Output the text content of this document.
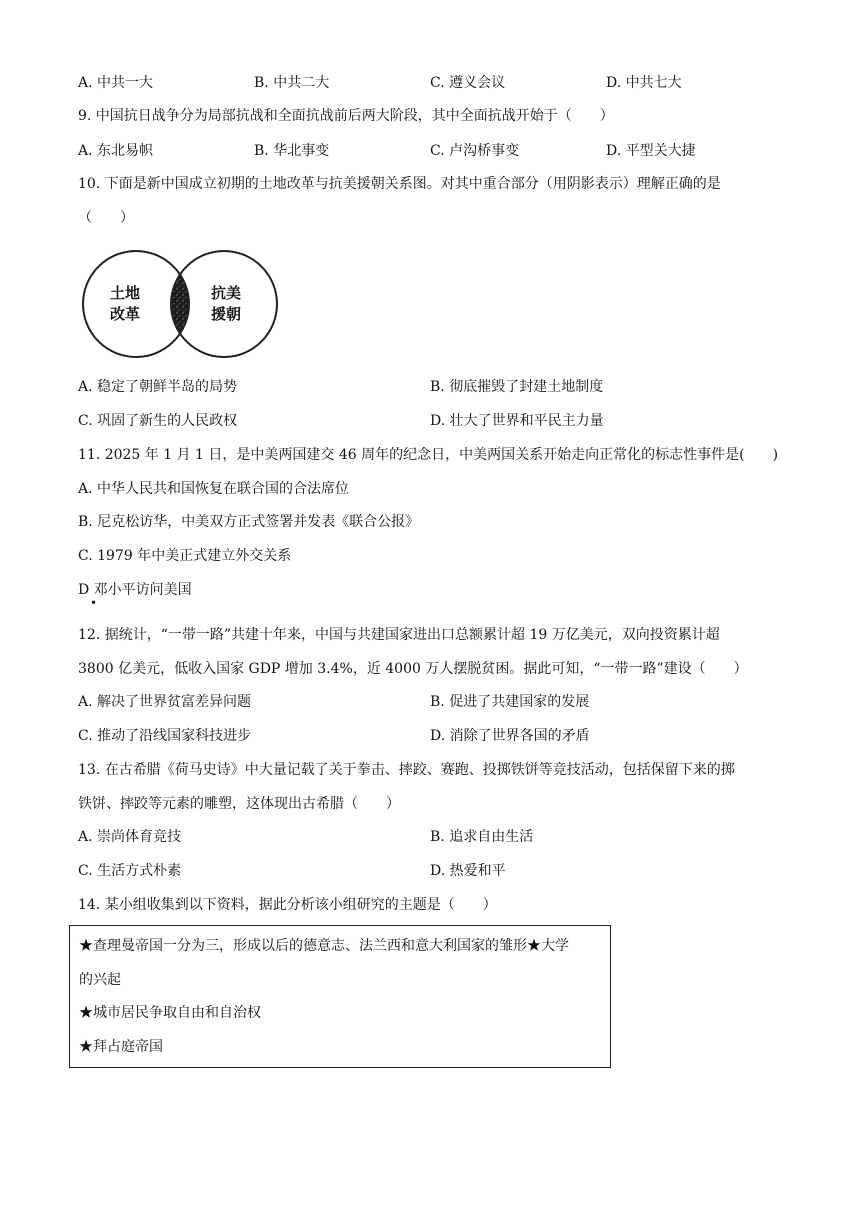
A. 中共一大	B. 中共二大	C. 遵义会议	D. 中共七大
9. 中国抗日战争分为局部抗战和全面抗战前后两大阶段，其中全面抗战开始于（　　）
A. 东北易帜	B. 华北事变	C. 卢沟桥事变	D. 平型关大捷
10. 下面是新中国成立初期的土地改革与抗美援朝关系图。对其中重合部分（用阴影表示）理解正确的是
（　　）
土地
改革
抗美
援朝
A. 稳定了朝鲜半岛的局势	B. 彻底摧毁了封建土地制度
C. 巩固了新生的人民政权	D. 壮大了世界和平民主力量
11. 2025 年 1 月 1 日，是中美两国建交 46 周年的纪念日，中美两国关系开始走向正常化的标志性事件是(　　)
A. 中华人民共和国恢复在联合国的合法席位
B. 尼克松访华，中美双方正式签署并发表《联合公报》
C. 1979 年中美正式建立外交关系
D 邓小平访问美国
•
12. 据统计，“一带一路”共建十年来，中国与共建国家进出口总额累计超 19 万亿美元，双向投资累计超
3800 亿美元，低收入国家 GDP 增加 3.4%，近 4000 万人摆脱贫困。据此可知，“一带一路”建设（　　）
A. 解决了世界贫富差异问题	B. 促进了共建国家的发展
C. 推动了沿线国家科技进步	D. 消除了世界各国的矛盾
13. 在古希腊《荷马史诗》中大量记载了关于拳击、摔跤、赛跑、投掷铁饼等竞技活动，包括保留下来的掷
铁饼、摔跤等元素的雕塑，这体现出古希腊（　　）
A. 崇尚体育竞技	B. 追求自由生活
C. 生活方式朴素	D. 热爱和平
14. 某小组收集到以下资料，据此分析该小组研究的主题是（　　）
★查理曼帝国一分为三，形成以后的德意志、法兰西和意大利国家的雏形★大学
的兴起
★城市居民争取自由和自治权
★拜占庭帝国
